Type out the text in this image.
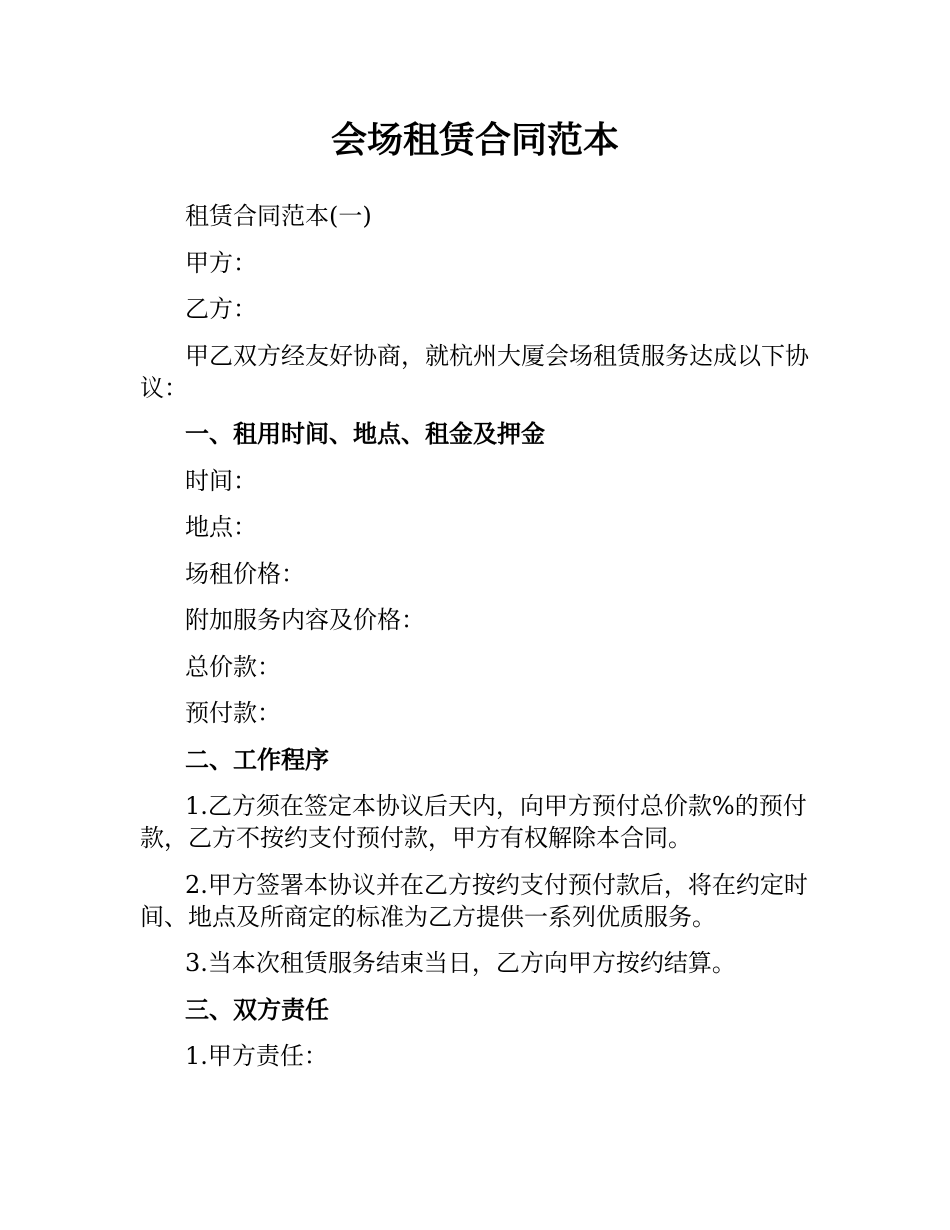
会场租赁合同范本

租赁合同范本(一)

甲方：

乙方：

甲乙双方经友好协商，就杭州大厦会场租赁服务达成以下协议：

一、租用时间、地点、租金及押金

时间：

地点：

场租价格：

附加服务内容及价格：

总价款：

预付款：

二、工作程序

1.乙方须在签定本协议后天内，向甲方预付总价款%的预付款，乙方不按约支付预付款，甲方有权解除本合同。

2.甲方签署本协议并在乙方按约支付预付款后，将在约定时间、地点及所商定的标准为乙方提供一系列优质服务。

3.当本次租赁服务结束当日，乙方向甲方按约结算。

三、双方责任

1.甲方责任：
